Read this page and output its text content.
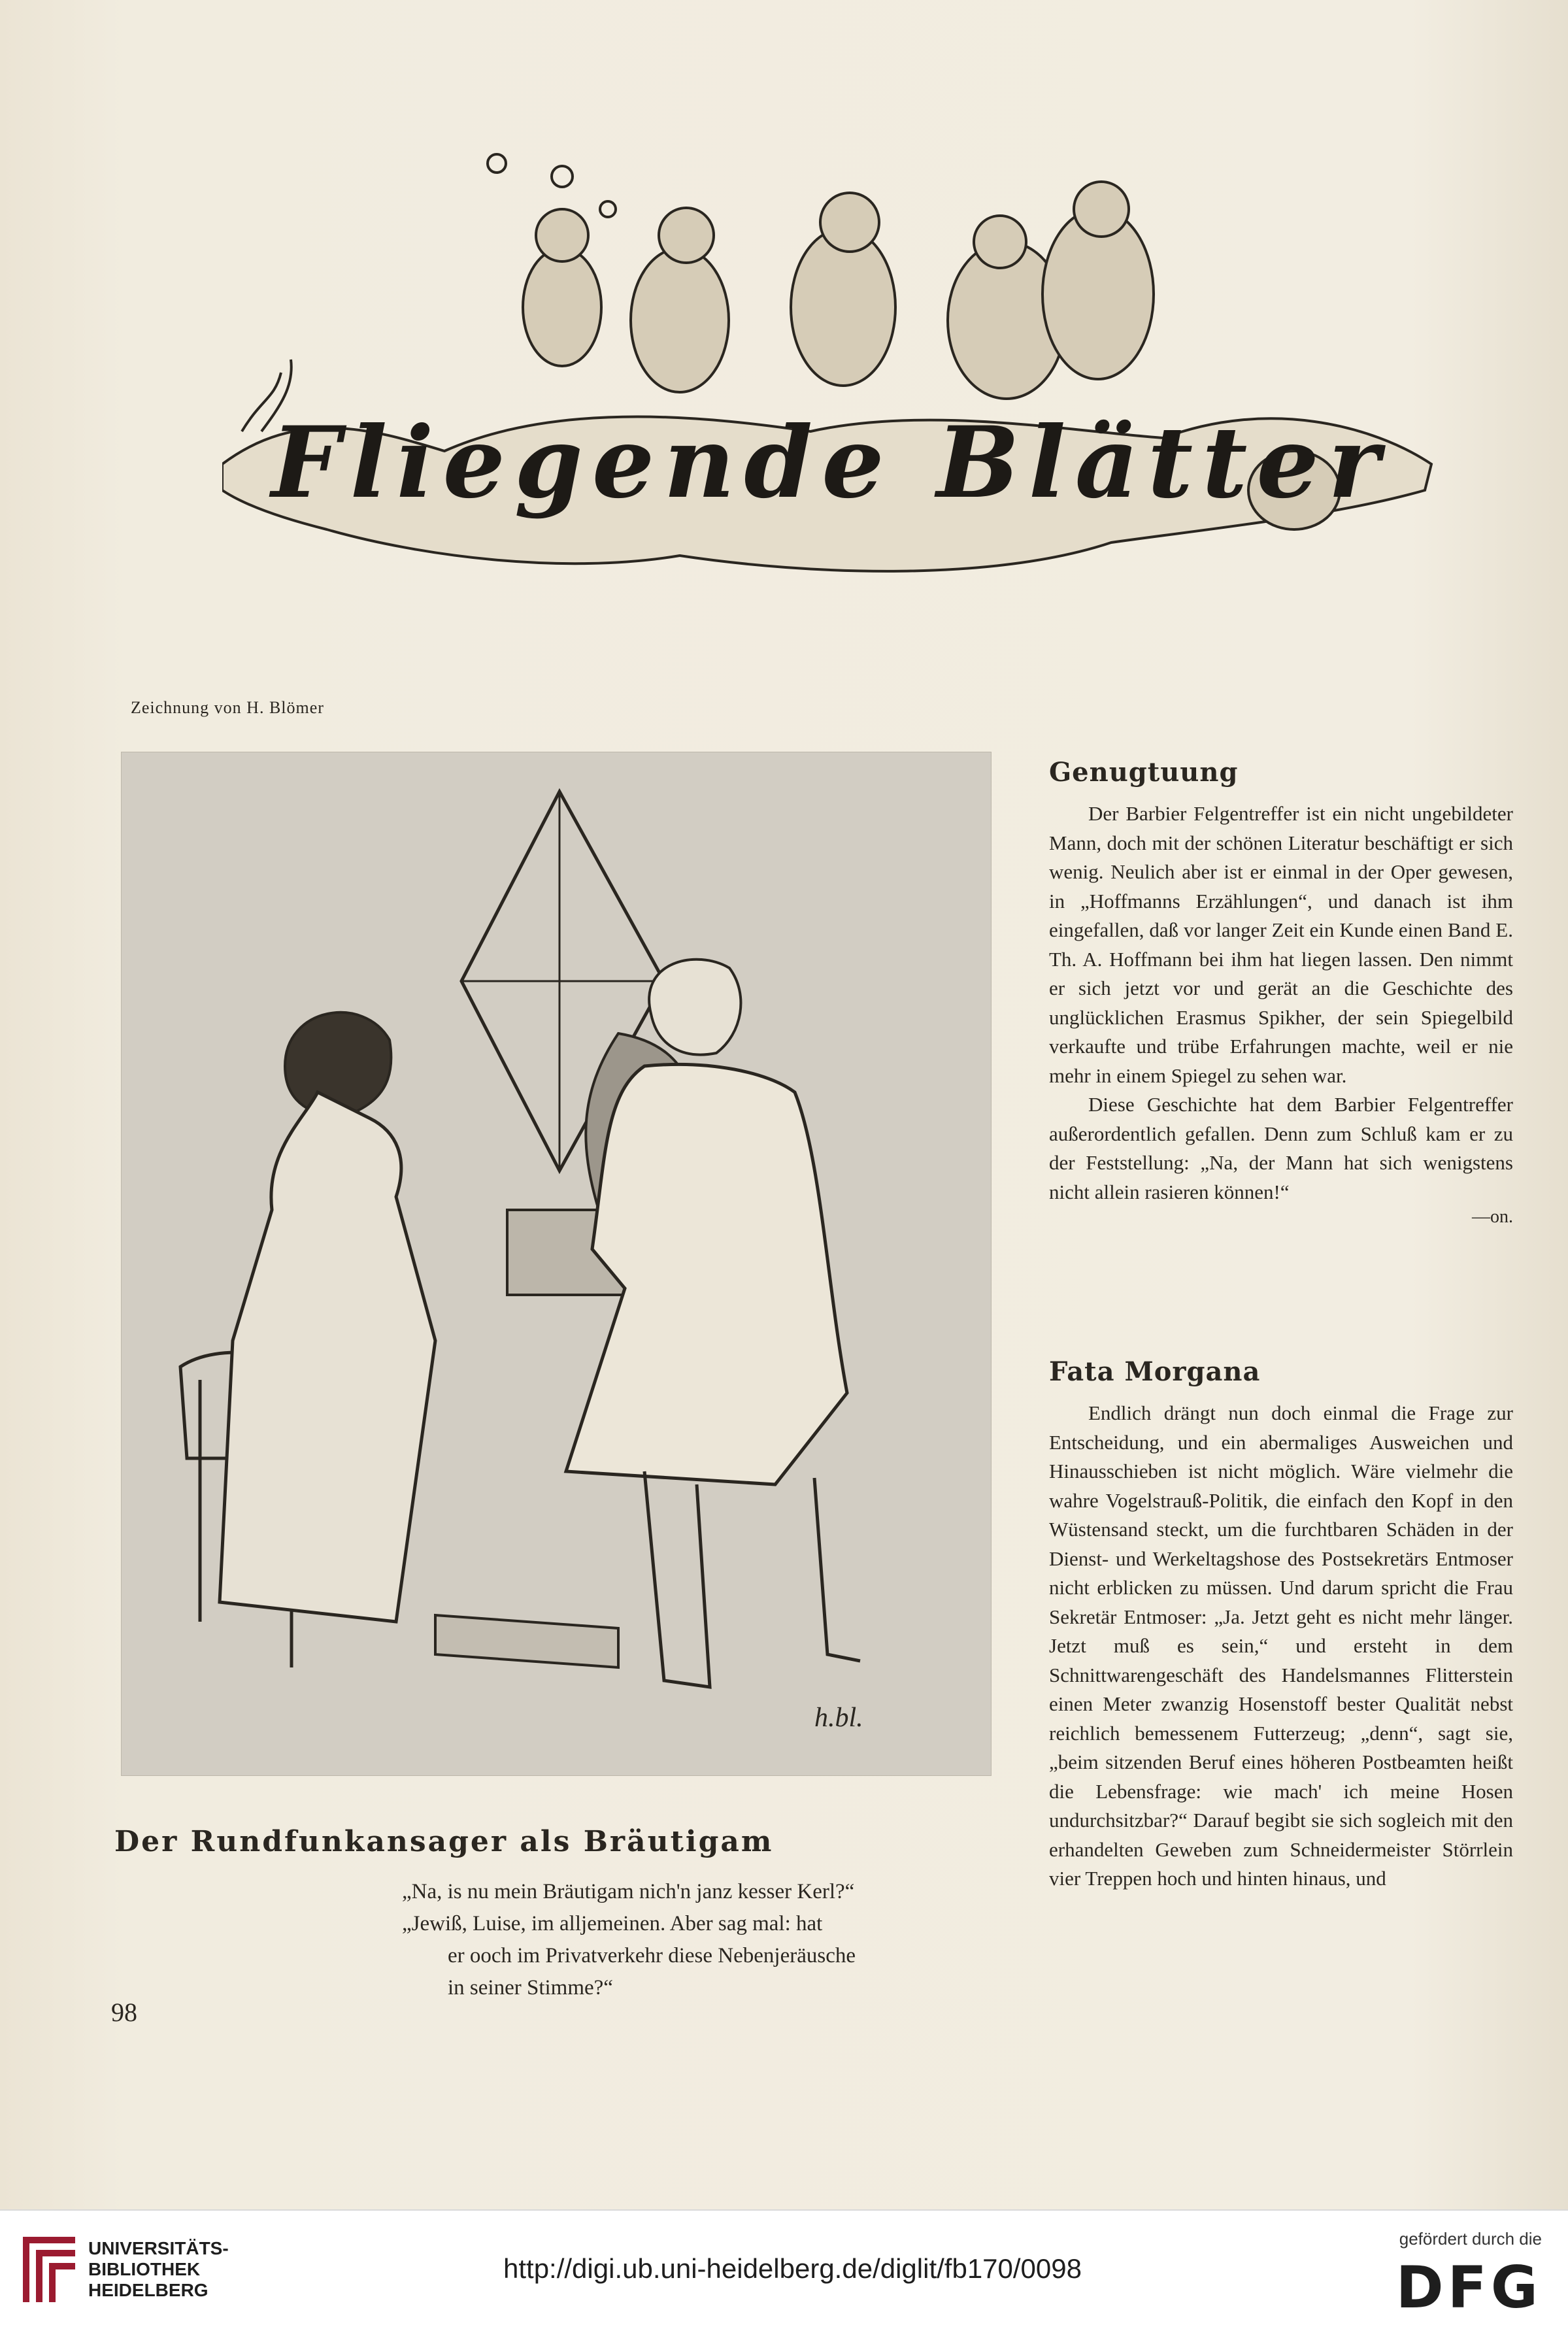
Fliegende Blätter
Zeichnung von H. Blömer
h.bl.
Der Rundfunkansager als Bräutigam
„Na, is nu mein Bräutigam nich'n janz kesser Kerl?“
„Jewiß, Luise, im alljemeinen. Aber sag mal: hat
er ooch im Privatverkehr diese Nebenjeräusche
in seiner Stimme?“
98
Genugtuung

Der Barbier Felgentreffer ist ein nicht ungebildeter Mann, doch mit der schönen Literatur beschäftigt er sich wenig. Neulich aber ist er einmal in der Oper gewesen, in „Hoffmanns Erzählungen“, und danach ist ihm eingefallen, daß vor langer Zeit ein Kunde einen Band E. Th. A. Hoffmann bei ihm hat liegen lassen. Den nimmt er sich jetzt vor und gerät an die Geschichte des unglücklichen Erasmus Spikher, der sein Spiegelbild verkaufte und trübe Erfahrungen machte, weil er nie mehr in einem Spiegel zu sehen war.

Diese Geschichte hat dem Barbier Felgentreffer außerordentlich gefallen. Denn zum Schluß kam er zu der Feststellung: „Na, der Mann hat sich wenigstens nicht allein rasieren können!“

—on.
Fata Morgana

Endlich drängt nun doch einmal die Frage zur Entscheidung, und ein abermaliges Ausweichen und Hinausschieben ist nicht möglich. Wäre vielmehr die wahre Vogelstrauß-Politik, die einfach den Kopf in den Wüstensand steckt, um die furchtbaren Schäden in der Dienst- und Werkeltagshose des Postsekretärs Entmoser nicht erblicken zu müssen. Und darum spricht die Frau Sekretär Entmoser: „Ja. Jetzt geht es nicht mehr länger. Jetzt muß es sein,“ und ersteht in dem Schnittwarengeschäft des Handelsmannes Flitterstein einen Meter zwanzig Hosenstoff bester Qualität nebst reichlich bemessenem Futterzeug; „denn“, sagt sie, „beim sitzenden Beruf eines höheren Postbeamten heißt die Lebensfrage: wie mach' ich meine Hosen undurchsitzbar?“ Darauf begibt sie sich sogleich mit den erhandelten Geweben zum Schneidermeister Störrlein vier Treppen hoch und hinten hinaus, und

UNIVERSITÄTS-
BIBLIOTHEK
HEIDELBERG
http://digi.ub.uni-heidelberg.de/diglit/fb170/0098
gefördert durch die
DFG
